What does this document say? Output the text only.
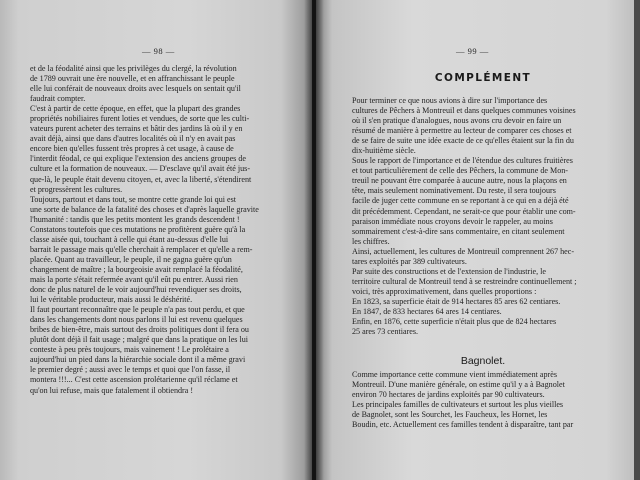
— 98 —
et de la féodalité ainsi que les privilèges du clergé, la révolution
de 1789 ouvrait une ère nouvelle, et en affranchissant le peuple
elle lui conférait de nouveaux droits avec lesquels on sentait qu'il
faudrait compter.
C'est à partir de cette époque, en effet, que la plupart des grandes
propriétés nobiliaires furent loties et vendues, de sorte que les culti-
vateurs purent acheter des terrains et bâtir des jardins là où il y en
avait déjà, ainsi que dans d'autres localités où il n'y en avait pas
encore bien qu'elles fussent très propres à cet usage, à cause de
l'interdit féodal, ce qui explique l'extension des anciens groupes de
culture et la formation de nouveaux. — D'esclave qu'il avait été jus-
que-là, le peuple était devenu citoyen, et, avec la liberté, s'étendirent
et progressèrent les cultures.
Toujours, partout et dans tout, se montre cette grande loi qui est
une sorte de balance de la fatalité des choses et d'après laquelle gravite
l'humanité : tandis que les petits montent les grands descendent !
Constatons toutefois que ces mutations ne profitèrent guère qu'à la
classe aisée qui, touchant à celle qui étant au-dessus d'elle lui
barrait le passage mais qu'elle cherchait à remplacer et qu'elle a rem-
placée. Quant au travailleur, le peuple, il ne gagna guère qu'un
changement de maître ; la bourgeoisie avait remplacé la féodalité,
mais la porte s'était refermée avant qu'il eût pu entrer. Aussi rien
donc de plus naturel de le voir aujourd'hui revendiquer ses droits,
lui le véritable producteur, mais aussi le déshérité.
Il faut pourtant reconnaître que le peuple n'a pas tout perdu, et que
dans les changements dont nous parlons il lui est revenu quelques
bribes de bien-être, mais surtout des droits politiques dont il fera ou
plutôt dont déjà il fait usage ; malgré que dans la pratique on les lui
conteste à peu près toujours, mais vainement ! Le prolétaire a
aujourd'hui un pied dans la hiérarchie sociale dont il a même gravi
le premier degré ; aussi avec le temps et quoi que l'on fasse, il
montera !!!... C'est cette ascension prolétarienne qu'il réclame et
qu'on lui refuse, mais que fatalement il obtiendra !
— 99 —
COMPLÉMENT
Pour terminer ce que nous avions à dire sur l'importance des
cultures de Pêchers à Montreuil et dans quelques communes voisines
où il s'en pratique d'analogues, nous avons cru devoir en faire un
résumé de manière à permettre au lecteur de comparer ces choses et
de se faire de suite une idée exacte de ce qu'elles étaient sur la fin du
dix-huitième siècle.
Sous le rapport de l'importance et de l'étendue des cultures fruitières
et tout particulièrement de celle des Pêchers, la commune de Mon-
treuil ne pouvant être comparée à aucune autre, nous la plaçons en
tête, mais seulement nominativement. Du reste, il sera toujours
facile de juger cette commune en se reportant à ce qui en a déjà été
dit précédemment. Cependant, ne serait-ce que pour établir une com-
paraison immédiate nous croyons devoir le rappeler, au moins
sommairement c'est-à-dire sans commentaire, en citant seulement
les chiffres.
Ainsi, actuellement, les cultures de Montreuil comprennent 267 hec-
tares exploités par 389 cultivateurs.
Par suite des constructions et de l'extension de l'industrie, le
territoire cultural de Montreuil tend à se restreindre continuellement ;
voici, très approximativement, dans quelles proportions :
En 1823, sa superficie était de 914 hectares 85 ares 62 centiares.
En 1847, de 833 hectares 64 ares 14 centiares.
Enfin, en 1876, cette superficie n'était plus que de 824 hectares
25 ares 73 centiares.
Bagnolet.
Comme importance cette commune vient immédiatement après
Montreuil. D'une manière générale, on estime qu'il y a à Bagnolet
environ 70 hectares de jardins exploités par 90 cultivateurs.
Les principales familles de cultivateurs et surtout les plus vieilles
de Bagnolet, sont les Sourchet, les Faucheux, les Hornet, les
Boudin, etc. Actuellement ces familles tendent à disparaître, tant par
